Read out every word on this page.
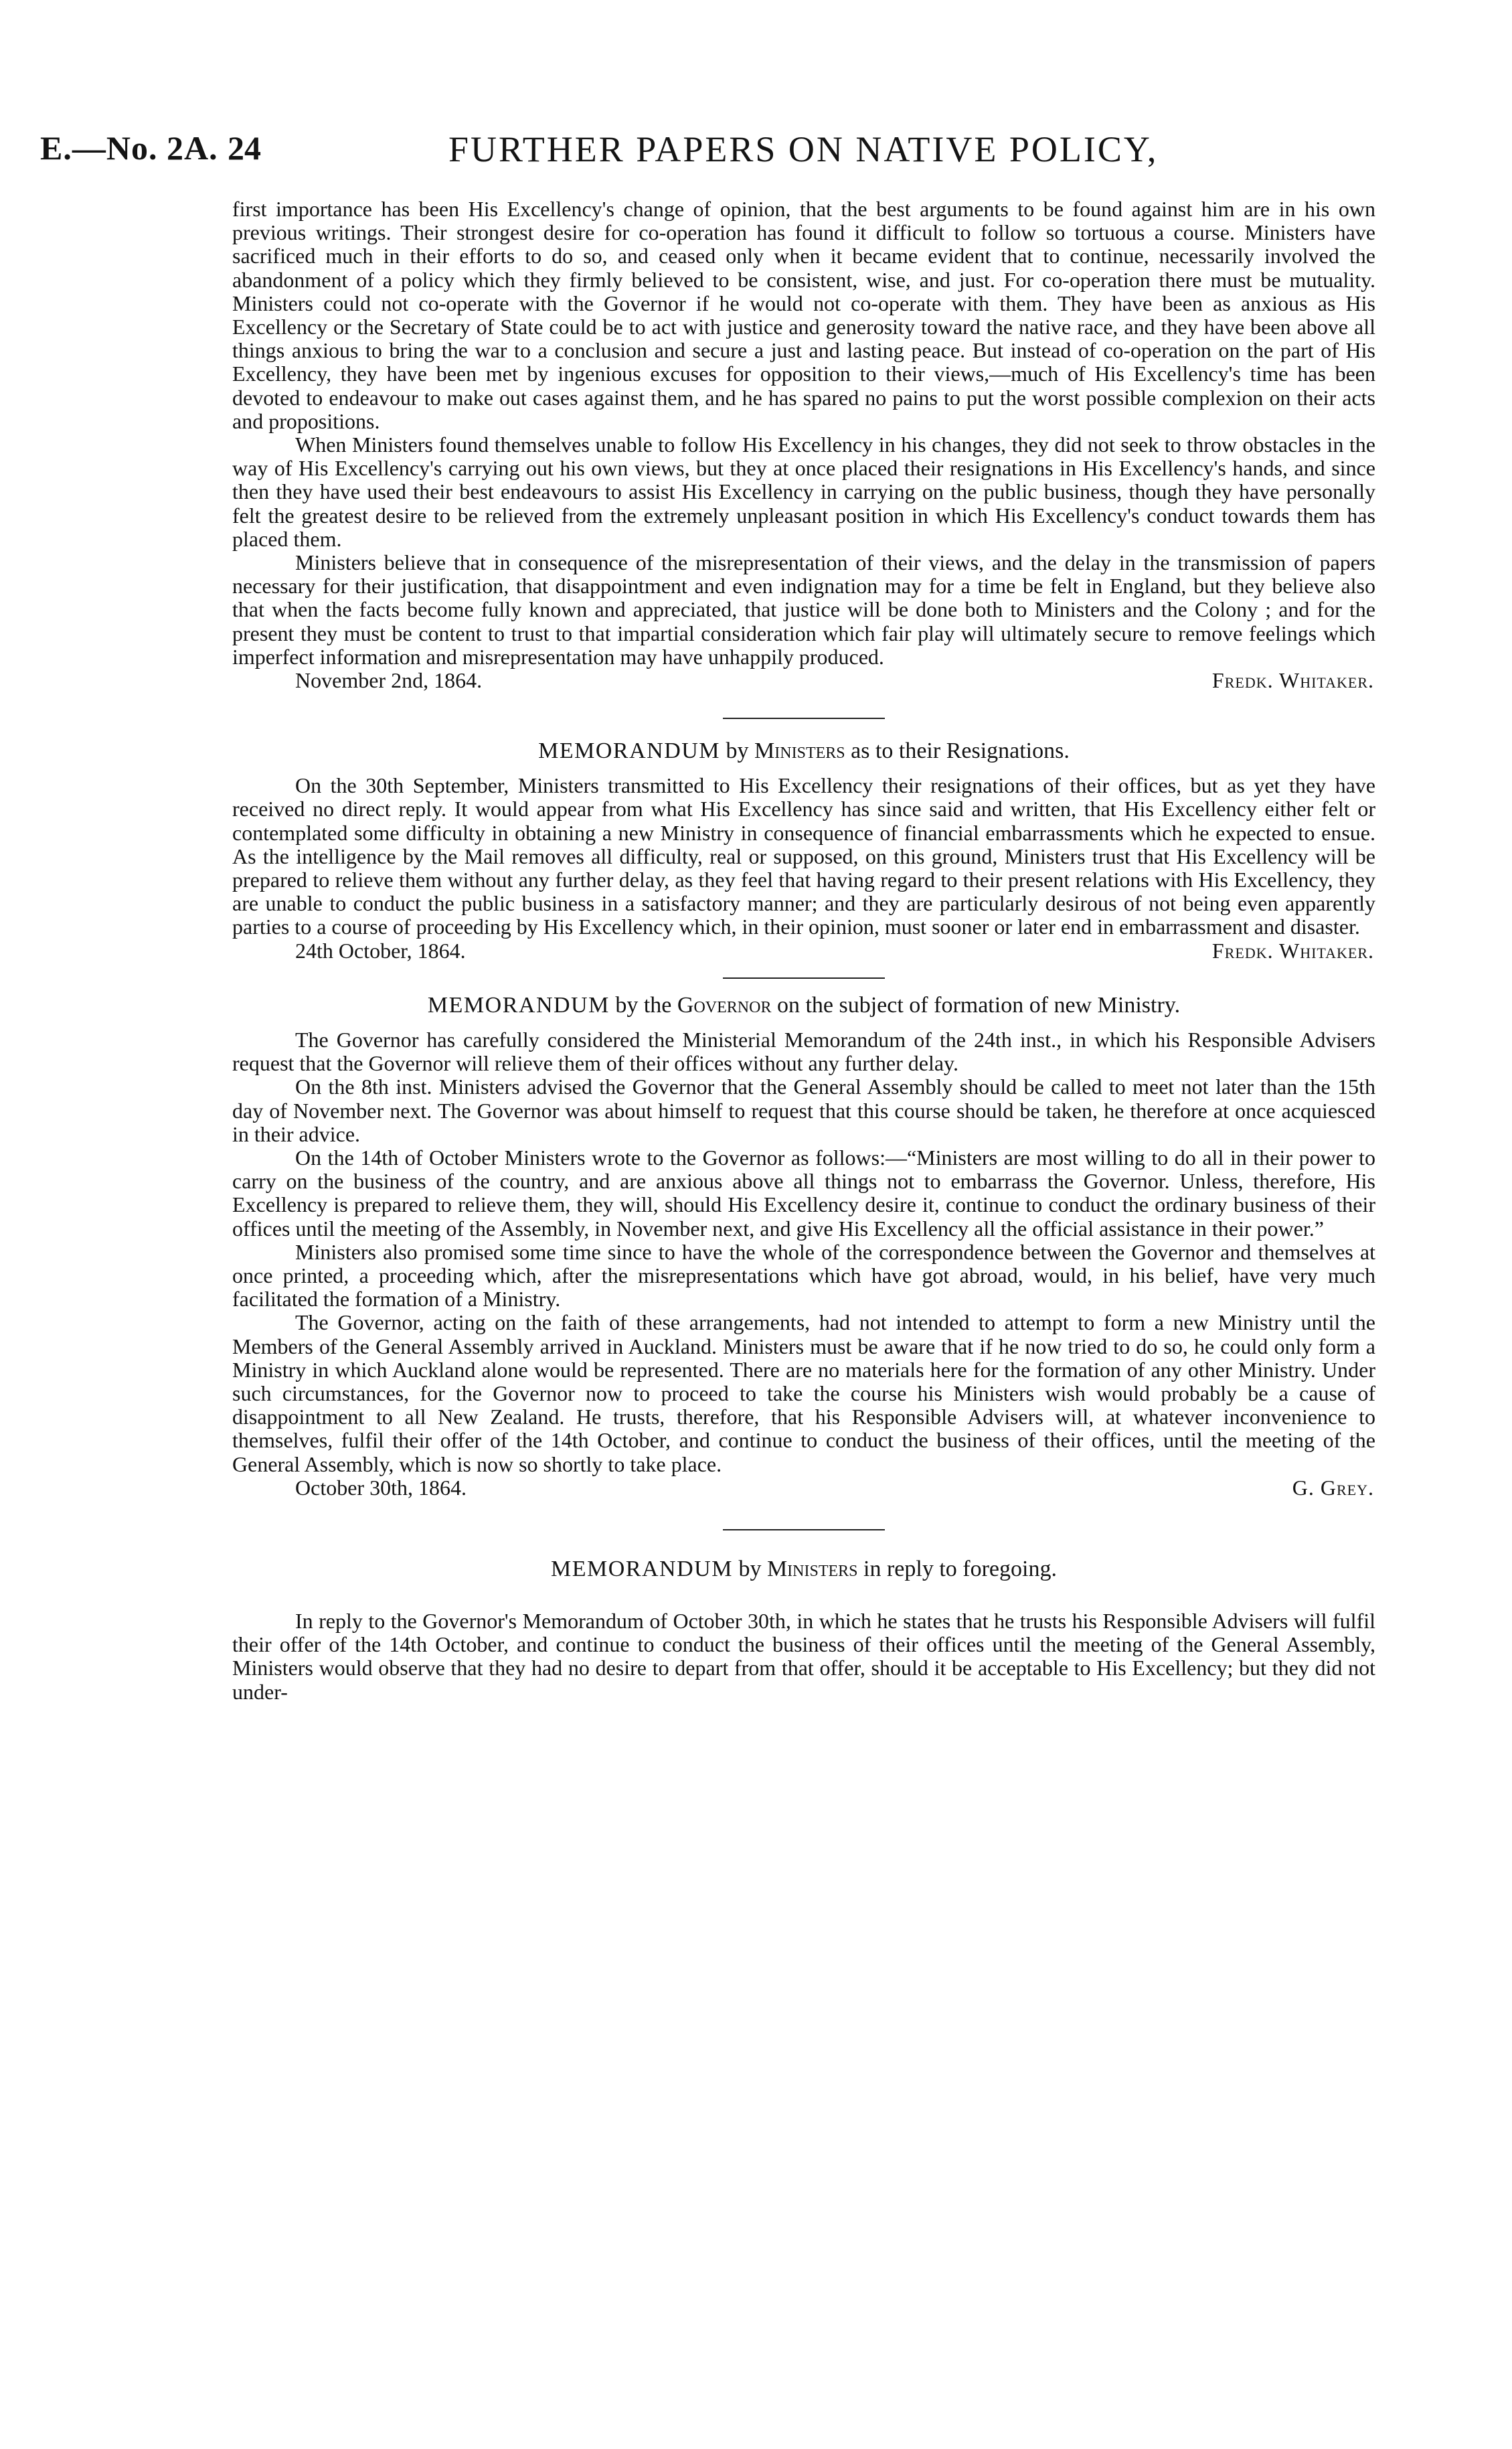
E.—No. 2A. 24	FURTHER PAPERS ON NATIVE POLICY,

first importance has been His Excellency's change of opinion, that the best arguments to be found against him are in his own previous writings. Their strongest desire for co-operation has found it difficult to follow so tortuous a course. Ministers have sacrificed much in their efforts to do so, and ceased only when it became evident that to continue, necessarily involved the abandonment of a policy which they firmly believed to be consistent, wise, and just. For co-operation there must be mutuality. Ministers could not co-operate with the Governor if he would not co-operate with them. They have been as anxious as His Excellency or the Secretary of State could be to act with justice and generosity toward the native race, and they have been above all things anxious to bring the war to a conclusion and secure a just and lasting peace. But instead of co-operation on the part of His Excellency, they have been met by ingenious excuses for opposition to their views,—much of His Excellency's time has been devoted to endeavour to make out cases against them, and he has spared no pains to put the worst possible complexion on their acts and propositions.

When Ministers found themselves unable to follow His Excellency in his changes, they did not seek to throw obstacles in the way of His Excellency's carrying out his own views, but they at once placed their resignations in His Excellency's hands, and since then they have used their best endeavours to assist His Excellency in carrying on the public business, though they have personally felt the greatest desire to be relieved from the extremely unpleasant position in which His Excellency's conduct towards them has placed them.

Ministers believe that in consequence of the misrepresentation of their views, and the delay in the transmission of papers necessary for their justification, that disappointment and even indignation may for a time be felt in England, but they believe also that when the facts become fully known and appreciated, that justice will be done both to Ministers and the Colony ; and for the present they must be content to trust to that impartial consideration which fair play will ultimately secure to remove feelings which imperfect information and misrepresentation may have unhappily produced.

November 2nd, 1864.	Fredk. Whitaker.
MEMORANDUM by Ministers as to their Resignations.

On the 30th September, Ministers transmitted to His Excellency their resignations of their offices, but as yet they have received no direct reply. It would appear from what His Excellency has since said and written, that His Excellency either felt or contemplated some difficulty in obtaining a new Ministry in consequence of financial embarrassments which he expected to ensue. As the intelligence by the Mail removes all difficulty, real or supposed, on this ground, Ministers trust that His Excellency will be prepared to relieve them without any further delay, as they feel that having regard to their present relations with His Excellency, they are unable to conduct the public business in a satisfactory manner; and they are particularly desirous of not being even apparently parties to a course of proceeding by His Excellency which, in their opinion, must sooner or later end in embarrassment and disaster.

24th October, 1864.	Fredk. Whitaker.
MEMORANDUM by the Governor on the subject of formation of new Ministry.

The Governor has carefully considered the Ministerial Memorandum of the 24th inst., in which his Responsible Advisers request that the Governor will relieve them of their offices without any further delay.

On the 8th inst. Ministers advised the Governor that the General Assembly should be called to meet not later than the 15th day of November next. The Governor was about himself to request that this course should be taken, he therefore at once acquiesced in their advice.

On the 14th of October Ministers wrote to the Governor as follows:—“Ministers are most willing to do all in their power to carry on the business of the country, and are anxious above all things not to embarrass the Governor. Unless, therefore, His Excellency is prepared to relieve them, they will, should His Excellency desire it, continue to conduct the ordinary business of their offices until the meeting of the Assembly, in November next, and give His Excellency all the official assistance in their power.”

Ministers also promised some time since to have the whole of the correspondence between the Governor and themselves at once printed, a proceeding which, after the misrepresentations which have got abroad, would, in his belief, have very much facilitated the formation of a Ministry.

The Governor, acting on the faith of these arrangements, had not intended to attempt to form a new Ministry until the Members of the General Assembly arrived in Auckland. Ministers must be aware that if he now tried to do so, he could only form a Ministry in which Auckland alone would be represented. There are no materials here for the formation of any other Ministry. Under such circumstances, for the Governor now to proceed to take the course his Ministers wish would probably be a cause of disappointment to all New Zealand. He trusts, therefore, that his Responsible Advisers will, at whatever inconvenience to themselves, fulfil their offer of the 14th October, and continue to conduct the business of their offices, until the meeting of the General Assembly, which is now so shortly to take place.

October 30th, 1864.	G. Grey.
MEMORANDUM by Ministers in reply to foregoing.

In reply to the Governor's Memorandum of October 30th, in which he states that he trusts his Responsible Advisers will fulfil their offer of the 14th October, and continue to conduct the business of their offices until the meeting of the General Assembly, Ministers would observe that they had no desire to depart from that offer, should it be acceptable to His Excellency; but they did not under-
